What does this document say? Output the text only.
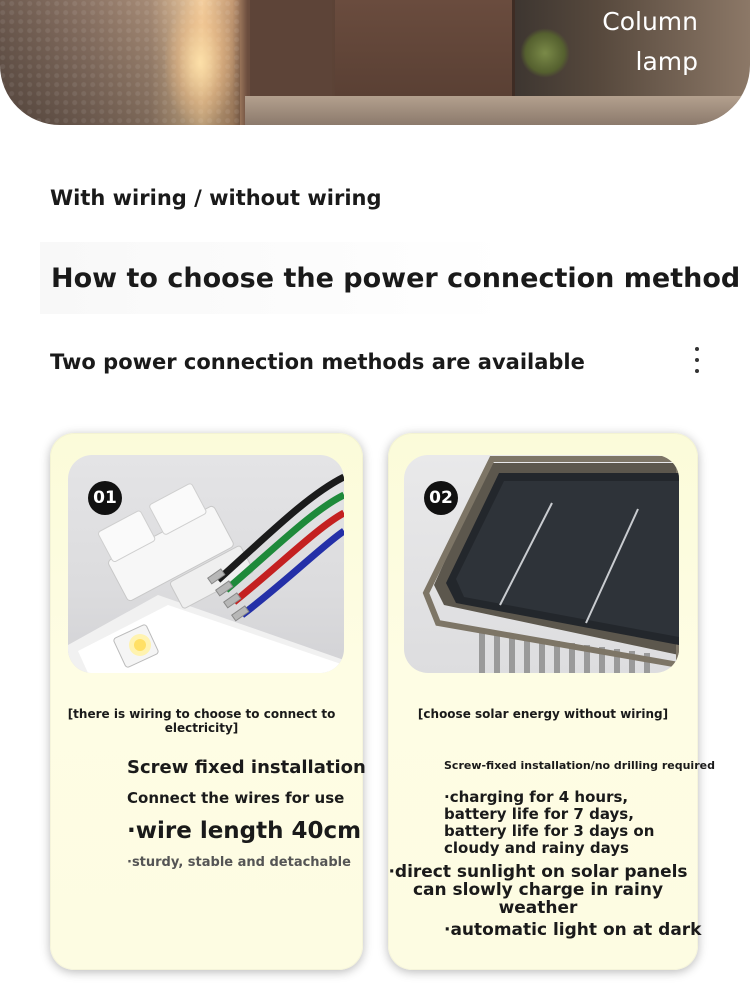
Column
lamp
With wiring / without wiring
How to choose the power connection method
Two power connection methods are available
01
[there is wiring to choose to connect to electricity]
Screw fixed installation
Connect the wires for use
·wire length 40cm
·sturdy, stable and detachable
02
[choose solar energy without wiring]
Screw-fixed installation/no drilling required
·charging for 4 hours, battery life for 7 days, battery life for 3 days on cloudy and rainy days
·direct sunlight on solar panels can slowly charge in rainy weather
·automatic light on at dark
